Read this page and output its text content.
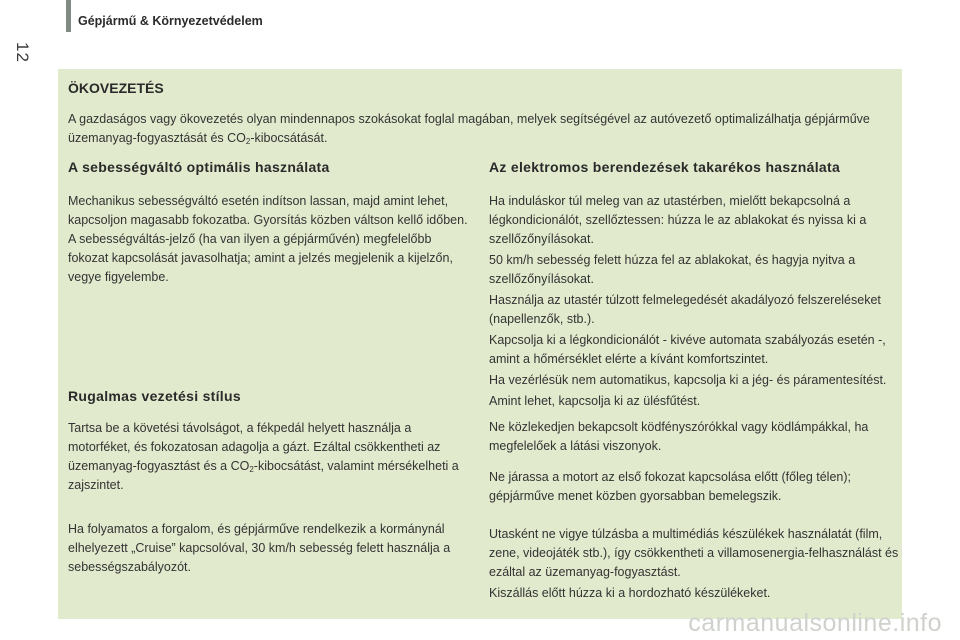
Gépjármű & Környezetvédelem
12
ÖKOVEZETÉS

A gazdaságos vagy ökovezetés olyan mindennapos szokásokat foglal magában, melyek segítségével az autóvezető optimalizálhatja gépjárműve üzemanyag-fogyasztását és $CO_2$-kibocsátását.

A sebességváltó optimális használata

Mechanikus sebességváltó esetén indítson lassan, majd amint lehet, kapcsoljon magasabb fokozatba. Gyorsítás közben váltson kellő időben. A sebességváltás-jelző (ha van ilyen a gépjárművén) megfelelőbb fokozat kapcsolását javasolhatja; amint a jelzés megjelenik a kijelzőn, vegye figyelembe.

Rugalmas vezetési stílus

Tartsa be a követési távolságot, a fékpedál helyett használja a motorféket, és fokozatosan adagolja a gázt. Ezáltal csökkentheti az üzemanyag-fogyasztást és a $CO_2$-kibocsátást, valamint mérsékelheti a zajszintet.

Ha folyamatos a forgalom, és gépjárműve rendelkezik a kormánynál elhelyezett „Cruise” kapcsolóval, 30 km/h sebesség felett használja a sebességszabályozót.

Az elektromos berendezések takarékos használata

Ha induláskor túl meleg van az utastérben, mielőtt bekapcsolná a légkondicionálót, szellőztessen: húzza le az ablakokat és nyissa ki a szellőzőnyílásokat.

50 km/h sebesség felett húzza fel az ablakokat, és hagyja nyitva a szellőzőnyílásokat.

Használja az utastér túlzott felmelegedését akadályozó felszereléseket (napellenzők, stb.).

Kapcsolja ki a légkondicionálót - kivéve automata szabályozás esetén -, amint a hőmérséklet elérte a kívánt komfortszintet.

Ha vezérlésük nem automatikus, kapcsolja ki a jég- és páramentesítést.

Amint lehet, kapcsolja ki az ülésfűtést.

Ne közlekedjen bekapcsolt ködfényszórókkal vagy ködlámpákkal, ha megfelelőek a látási viszonyok.

Ne járassa a motort az első fokozat kapcsolása előtt (főleg télen); gépjárműve menet közben gyorsabban bemelegszik.

Utasként ne vigye túlzásba a multimédiás készülékek használatát (film, zene, videojáték stb.), így csökkentheti a villamosenergia-felhasználást és ezáltal az üzemanyag-fogyasztást.

Kiszállás előtt húzza ki a hordozható készülékeket.

carmanualsonline.info
